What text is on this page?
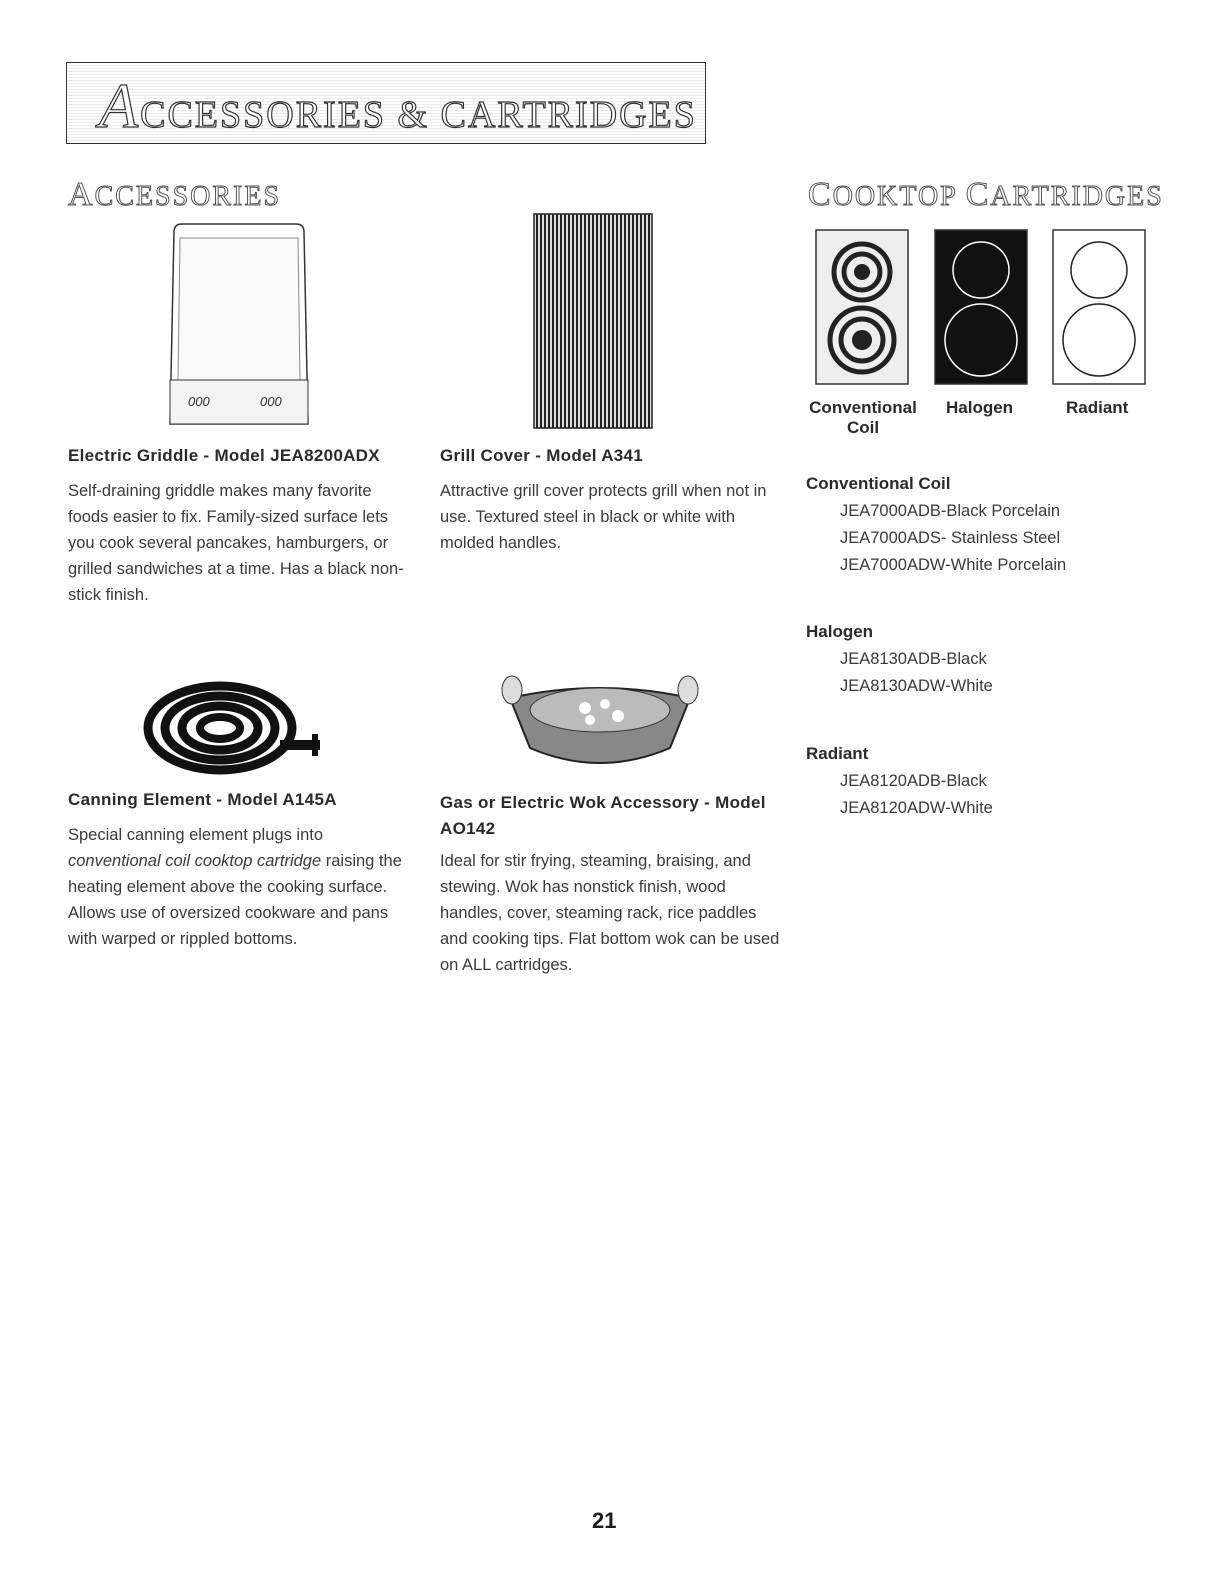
ACCESSORIES & CARTRIDGES
ACCESSORIES	COOKTOP CARTRIDGES
000	000	Conventional Coil
Halogen	Radiant
Electric Griddle - Model JEA8200ADX
Self-draining griddle makes many favorite foods easier to fix. Family-sized surface lets you cook several pancakes, hamburgers, or grilled sandwiches at a time. Has a black non-stick finish.
Grill Cover - Model A341
Attractive grill cover protects grill when not in use. Textured steel in black or white with molded handles.
Canning Element - Model A145A
Special canning element plugs into conventional coil cooktop cartridge raising the heating element above the cooking surface. Allows use of oversized cookware and pans with warped or rippled bottoms.
Gas or Electric Wok Accessory - Model AO142
Ideal for stir frying, steaming, braising, and stewing. Wok has nonstick finish, wood handles, cover, steaming rack, rice paddles and cooking tips. Flat bottom wok can be used on ALL cartridges.
Conventional Coil
JEA7000ADB-Black Porcelain
JEA7000ADS- Stainless Steel
JEA7000ADW-White Porcelain
Halogen
JEA8130ADB-Black
JEA8130ADW-White
Radiant
JEA8120ADB-Black
JEA8120ADW-White
21
